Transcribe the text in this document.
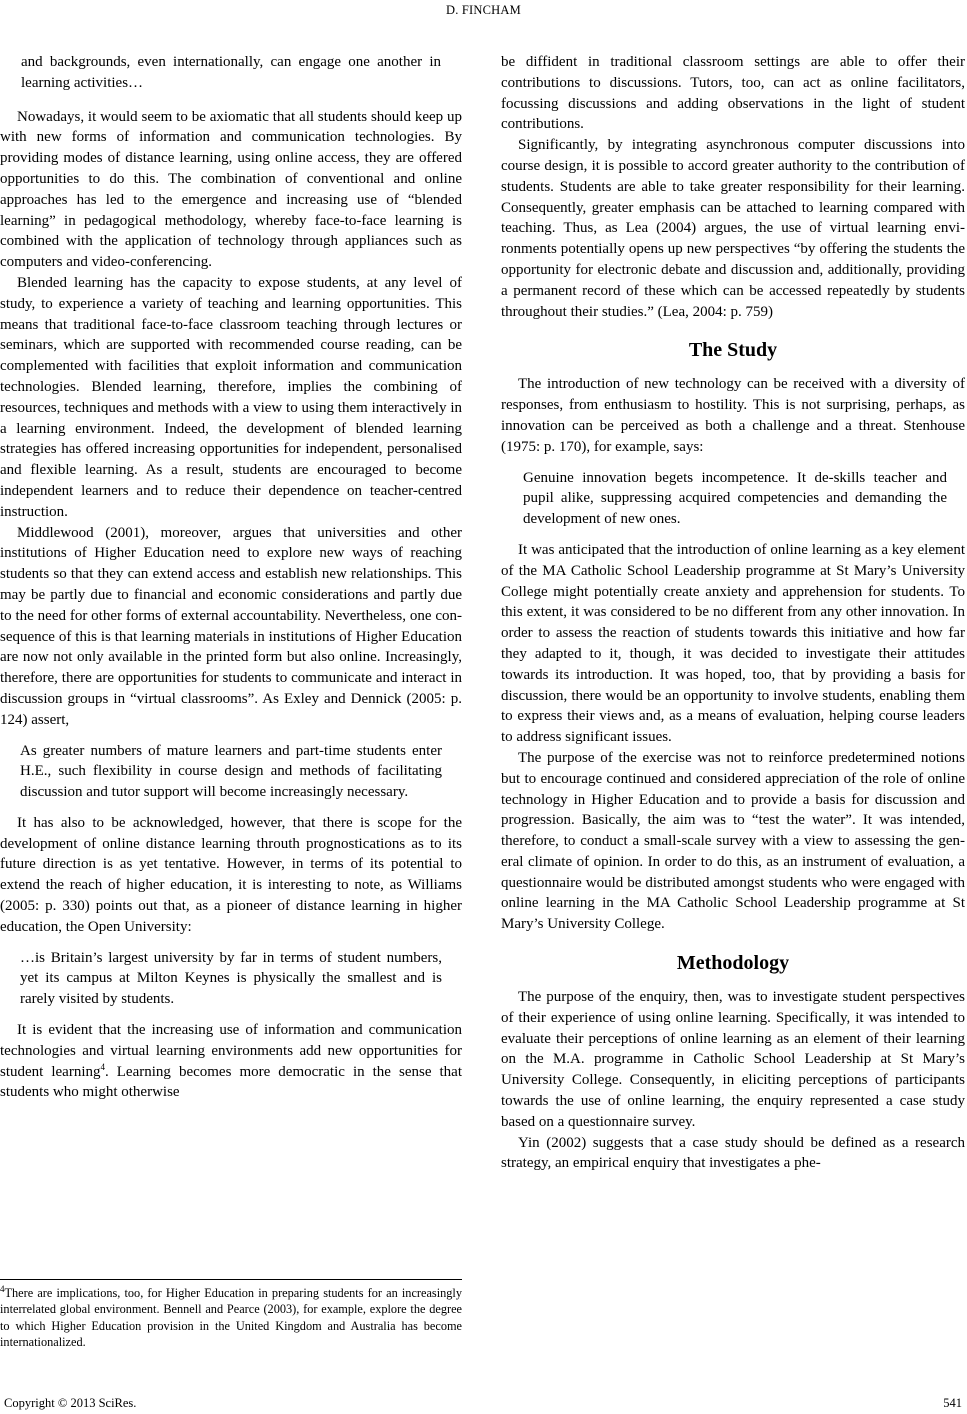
D. FINCHAM
and backgrounds, even internationally, can engage one another in learning activities…

Nowadays, it would seem to be axiomatic that all students should keep up with new forms of information and communication technologies. By providing modes of distance learning, using online access, they are offered opportunities to do this. The combination of conventional and online approaches has led to the emergence and increasing use of “blended learning” in pedagogical methodology, whereby face-to-face learning is combined with the application of technology through appliances such as computers and video-conferencing.

Blended learning has the capacity to expose students, at any level of study, to experience a variety of teaching and learning opportunities. This means that traditional face-to-face classroom teaching through lectures or seminars, which are supported with recommended course reading, can be complemented with facilities that exploit information and communication technologies. Blended learning, therefore, implies the combining of resources, techniques and methods with a view to using them interactively in a learning environment. Indeed, the development of blended learning strategies has offered increasing opportunities for independent, personalised and flexible learning. As a result, students are encouraged to become independent learners and to reduce their dependence on teacher-centred instruction.

Middlewood (2001), moreover, argues that universities and other institutions of Higher Education need to explore new ways of reaching students so that they can extend access and establish new relationships. This may be partly due to financial and economic considerations and partly due to the need for other forms of external accountability. Nevertheless, one consequence of this is that learning materials in institutions of Higher Education are now not only available in the printed form but also online. Increasingly, therefore, there are opportunities for students to communicate and interact in discussion groups in “virtual classrooms”. As Exley and Dennick (2005: p. 124) assert,

As greater numbers of mature learners and part-time students enter H.E., such flexibility in course design and methods of facilitating discussion and tutor support will become increasingly necessary.

It has also to be acknowledged, however, that there is scope for the development of online distance learning throuth prognostications as to its future direction is as yet tentative. However, in terms of its potential to extend the reach of higher education, it is interesting to note, as Williams (2005: p. 330) points out that, as a pioneer of distance learning in higher education, the Open University:

…is Britain’s largest university by far in terms of student numbers, yet its campus at Milton Keynes is physically the smallest and is rarely visited by students.

It is evident that the increasing use of information and communication technologies and virtual learning environments add new opportunities for student learning$^4$. Learning becomes more democratic in the sense that students who might otherwise

$^4$There are implications, too, for Higher Education in preparing students for an increasingly interrelated global environment. Bennell and Pearce (2003), for example, explore the degree to which Higher Education provision in the United Kingdom and Australia has become internationalized.

be diffident in traditional classroom settings are able to offer their contributions to discussions. Tutors, too, can act as online facilitators, focussing discussions and adding observations in the light of student contributions.

Significantly, by integrating asynchronous computer discussions into course design, it is possible to accord greater authority to the contribution of students. Students are able to take greater responsibility for their learning. Consequently, greater emphasis can be attached to learning compared with teaching. Thus, as Lea (2004) argues, the use of virtual learning environments potentially opens up new perspectives “by offering the students the opportunity for electronic debate and discussion and, additionally, providing a permanent record of these which can be accessed repeatedly by students throughout their studies.” (Lea, 2004: p. 759)

The Study

The introduction of new technology can be received with a diversity of responses, from enthusiasm to hostility. This is not surprising, perhaps, as innovation can be perceived as both a challenge and a threat. Stenhouse (1975: p. 170), for example, says:

Genuine innovation begets incompetence. It de-skills teacher and pupil alike, suppressing acquired competencies and demanding the development of new ones.

It was anticipated that the introduction of online learning as a key element of the MA Catholic School Leadership programme at St Mary’s University College might potentially create anxiety and apprehension for students. To this extent, it was considered to be no different from any other innovation. In order to assess the reaction of students towards this initiative and how far they adapted to it, though, it was decided to investigate their attitudes towards its introduction. It was hoped, too, that by providing a basis for discussion, there would be an opportunity to involve students, enabling them to express their views and, as a means of evaluation, helping course leaders to address significant issues.

The purpose of the exercise was not to reinforce predetermined notions but to encourage continued and considered appreciation of the role of online technology in Higher Education and to provide a basis for discussion and progression. Basically, the aim was to “test the water”. It was intended, therefore, to conduct a small-scale survey with a view to assessing the general climate of opinion. In order to do this, as an instrument of evaluation, a questionnaire would be distributed amongst students who were engaged with online learning in the MA Catholic School Leadership programme at St Mary’s University College.

Methodology

The purpose of the enquiry, then, was to investigate student perspectives of their experience of using online learning. Specifically, it was intended to evaluate their perceptions of online learning as an element of their learning on the M.A. programme in Catholic School Leadership at St Mary’s University College. Consequently, in eliciting perceptions of participants towards the use of online learning, the enquiry represented a case study based on a questionnaire survey.

Yin (2002) suggests that a case study should be defined as a research strategy, an empirical enquiry that investigates a phe-

Copyright © 2013 SciRes.	541
